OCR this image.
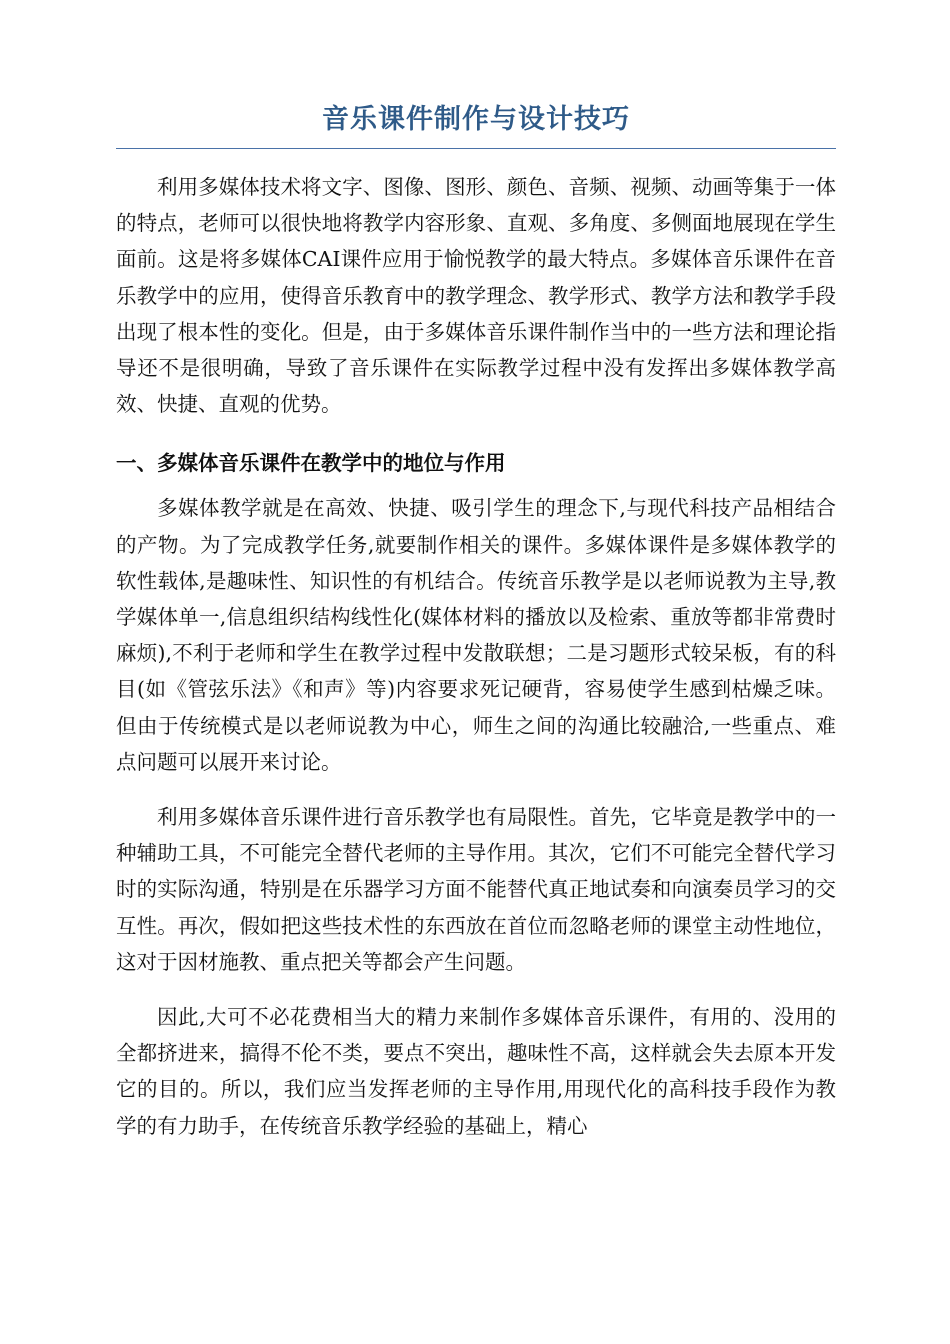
音乐课件制作与设计技巧

利用多媒体技术将文字、图像、图形、颜色、音频、视频、动画等集于一体的特点，老师可以很快地将教学内容形象、直观、多角度、多侧面地展现在学生面前。这是将多媒体CAI课件应用于愉悦教学的最大特点。多媒体音乐课件在音乐教学中的应用，使得音乐教育中的教学理念、教学形式、教学方法和教学手段出现了根本性的变化。但是，由于多媒体音乐课件制作当中的一些方法和理论指导还不是很明确，导致了音乐课件在实际教学过程中没有发挥出多媒体教学高效、快捷、直观的优势。

一、多媒体音乐课件在教学中的地位与作用

多媒体教学就是在高效、快捷、吸引学生的理念下,与现代科技产品相结合的产物。为了完成教学任务,就要制作相关的课件。多媒体课件是多媒体教学的软性载体,是趣味性、知识性的有机结合。传统音乐教学是以老师说教为主导,教学媒体单一,信息组织结构线性化(媒体材料的播放以及检索、重放等都非常费时麻烦),不利于老师和学生在教学过程中发散联想；二是习题形式较呆板，有的科目(如《管弦乐法》《和声》等)内容要求死记硬背，容易使学生感到枯燥乏味。但由于传统模式是以老师说教为中心，师生之间的沟通比较融洽,一些重点、难点问题可以展开来讨论。

利用多媒体音乐课件进行音乐教学也有局限性。首先，它毕竟是教学中的一种辅助工具，不可能完全替代老师的主导作用。其次，它们不可能完全替代学习时的实际沟通，特别是在乐器学习方面不能替代真正地试奏和向演奏员学习的交互性。再次，假如把这些技术性的东西放在首位而忽略老师的课堂主动性地位，这对于因材施教、重点把关等都会产生问题。

因此,大可不必花费相当大的精力来制作多媒体音乐课件，有用的、没用的全都挤进来，搞得不伦不类，要点不突出，趣味性不高，这样就会失去原本开发它的目的。所以，我们应当发挥老师的主导作用,用现代化的高科技手段作为教学的有力助手，在传统音乐教学经验的基础上，精心
